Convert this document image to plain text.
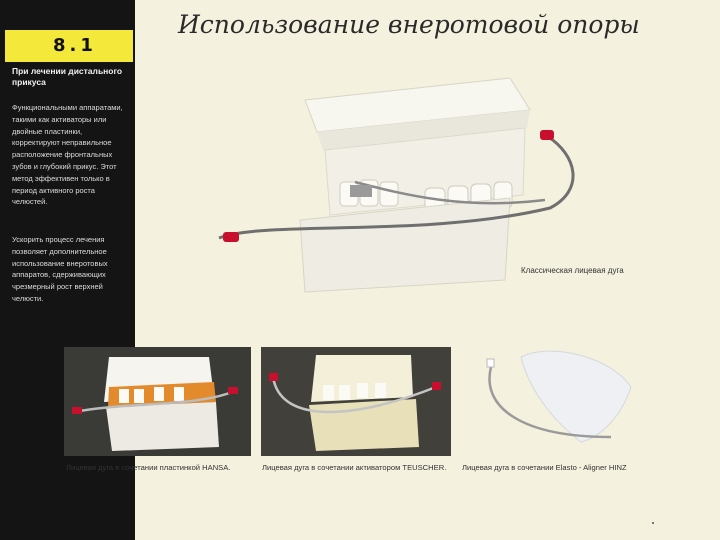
8.1
При лечении дистального прикуса
Функциональными аппаратами, такими как активаторы или двойные пластинки, корректируют неправильное расположение фронтальных зубов и глубокий прикус. Этот метод эффективен только в период активного роста челюстей.
Ускорить процесс лечения позволяет дополнительное использование внеротовых аппаратов, сдерживающих чрезмерный рост верхней челюсти.
Использование внеротовой опоры
Классическая лицевая дуга
Лицевая дуга в сочетании пластинкой HANSA.	Лицевая дуга в сочетании активатором TEUSCHER. Лицевая дуга в сочетании Elasto - Aligner HINZ
